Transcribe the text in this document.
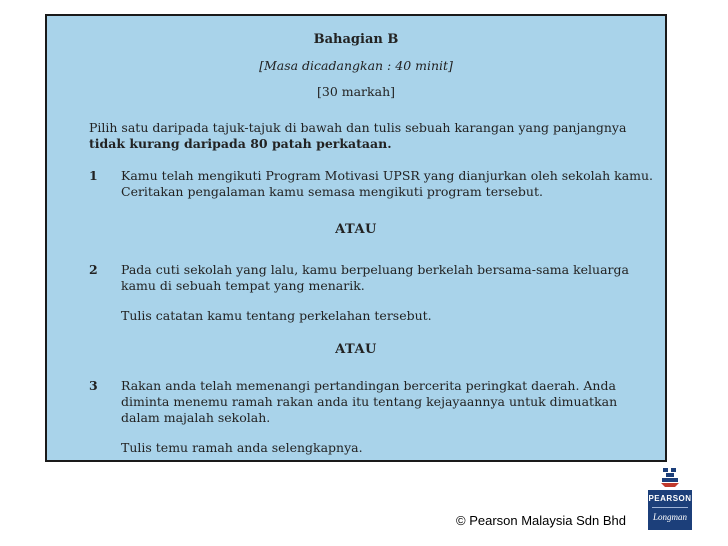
Bahagian B
[Masa dicadangkan : 40 minit]
[30 markah]
Pilih satu daripada tajuk-tajuk di bawah dan tulis sebuah karangan yang panjangnya tidak kurang daripada 80 patah perkataan.
1	Kamu telah mengikuti Program Motivasi UPSR yang dianjurkan oleh sekolah kamu. Ceritakan pengalaman kamu semasa mengikuti program tersebut.
ATAU
2	Pada cuti sekolah yang lalu, kamu berpeluang berkelah bersama-sama keluarga kamu di sebuah tempat yang menarik.
Tulis catatan kamu tentang perkelahan tersebut.
ATAU
3	Rakan anda telah memenangi pertandingan bercerita peringkat daerah. Anda diminta menemu ramah rakan anda itu tentang kejayaannya untuk dimuatkan dalam majalah sekolah.
Tulis temu ramah anda selengkapnya.
© Pearson Malaysia Sdn Bhd
PEARSON
Longman
